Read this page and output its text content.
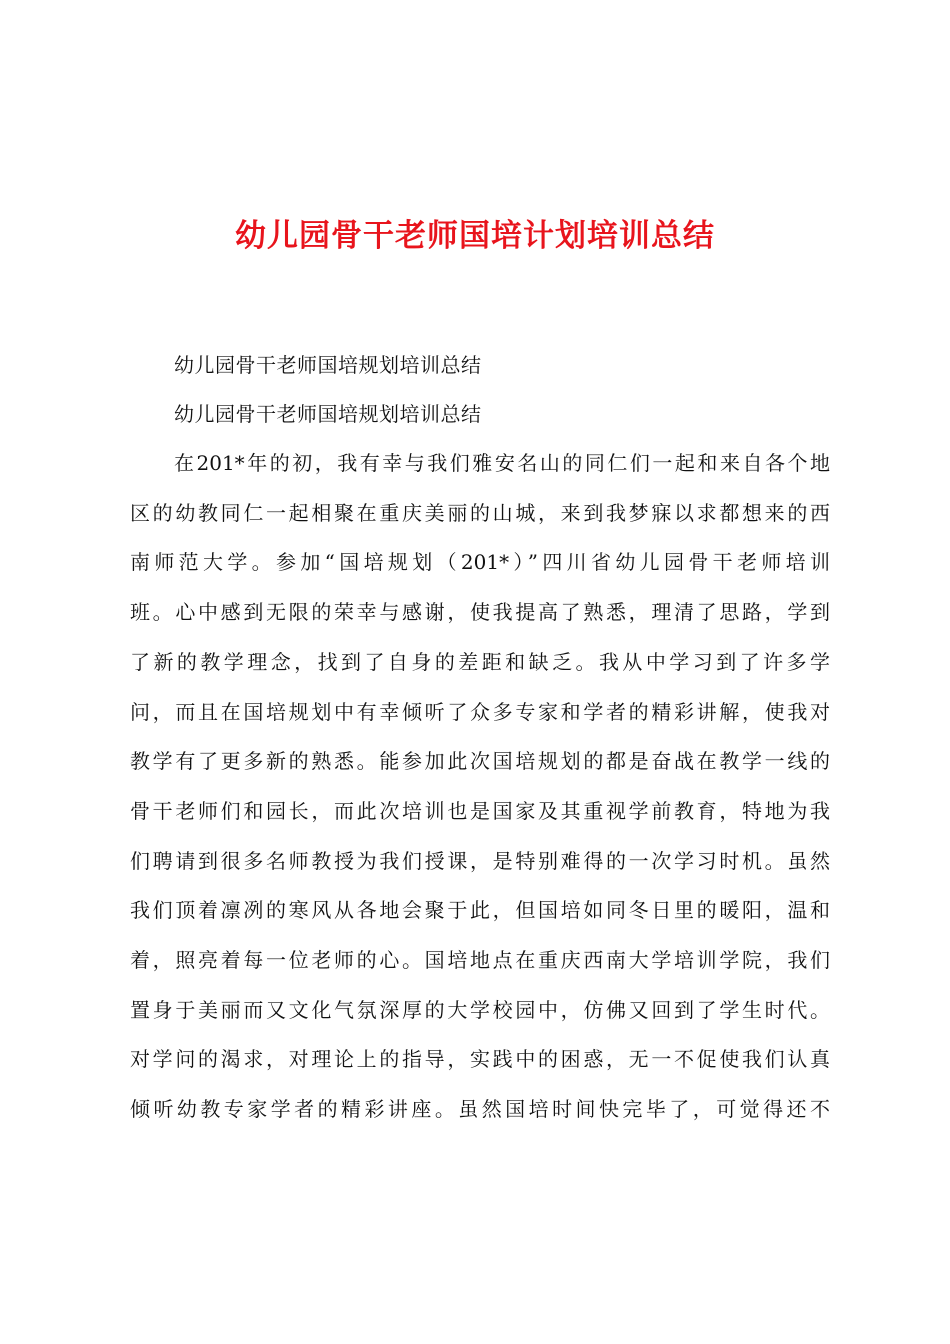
幼儿园骨干老师国培计划培训总结

幼儿园骨干老师国培规划培训总结

幼儿园骨干老师国培规划培训总结

在201*年的初，我有幸与我们雅安名山的同仁们一起和来自各个地
区的幼教同仁一起相聚在重庆美丽的山城，来到我梦寐以求都想来的西
南师范大学。参加“国培规划（201*）”四川省幼儿园骨干老师培训
班。心中感到无限的荣幸与感谢，使我提高了熟悉，理清了思路，学到
了新的教学理念，找到了自身的差距和缺乏。我从中学习到了许多学
问，而且在国培规划中有幸倾听了众多专家和学者的精彩讲解，使我对
教学有了更多新的熟悉。能参加此次国培规划的都是奋战在教学一线的
骨干老师们和园长，而此次培训也是国家及其重视学前教育，特地为我
们聘请到很多名师教授为我们授课，是特别难得的一次学习时机。虽然
我们顶着凛冽的寒风从各地会聚于此，但国培如同冬日里的暖阳，温和
着，照亮着每一位老师的心。国培地点在重庆西南大学培训学院，我们
置身于美丽而又文化气氛深厚的大学校园中，仿佛又回到了学生时代。
对学问的渴求，对理论上的指导，实践中的困惑，无一不促使我们认真
倾听幼教专家学者的精彩讲座。虽然国培时间快完毕了，可觉得还不
